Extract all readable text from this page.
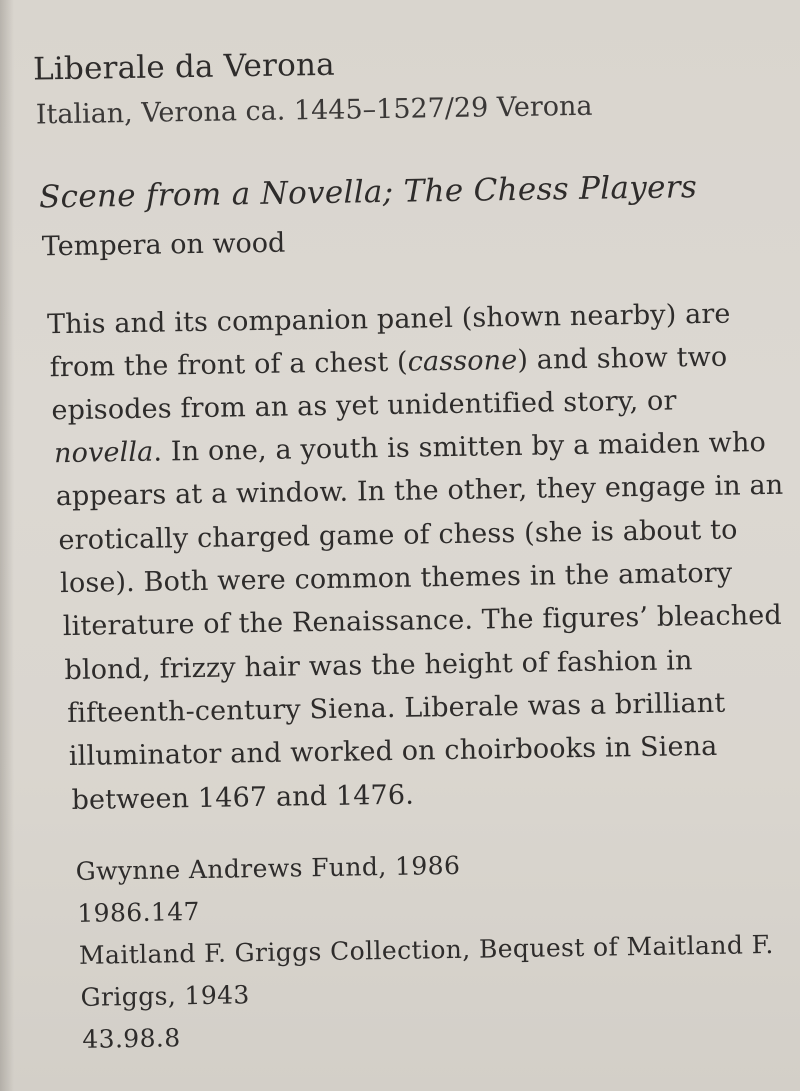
Liberale da Verona
Italian, Verona ca. 1445–1527/29 Verona
Scene from a Novella; The Chess Players
Tempera on wood
This and its companion panel (shown nearby) are
from the front of a chest (cassone) and show two
episodes from an as yet unidentified story, or
novella. In one, a youth is smitten by a maiden who
appears at a window. In the other, they engage in an
erotically charged game of chess (she is about to
lose). Both were common themes in the amatory
literature of the Renaissance. The figures’ bleached
blond, frizzy hair was the height of fashion in
fifteenth-century Siena. Liberale was a brilliant
illuminator and worked on choirbooks in Siena
between 1467 and 1476.
Gwynne Andrews Fund, 1986
1986.147
Maitland F. Griggs Collection, Bequest of Maitland F.
Griggs, 1943
43.98.8
